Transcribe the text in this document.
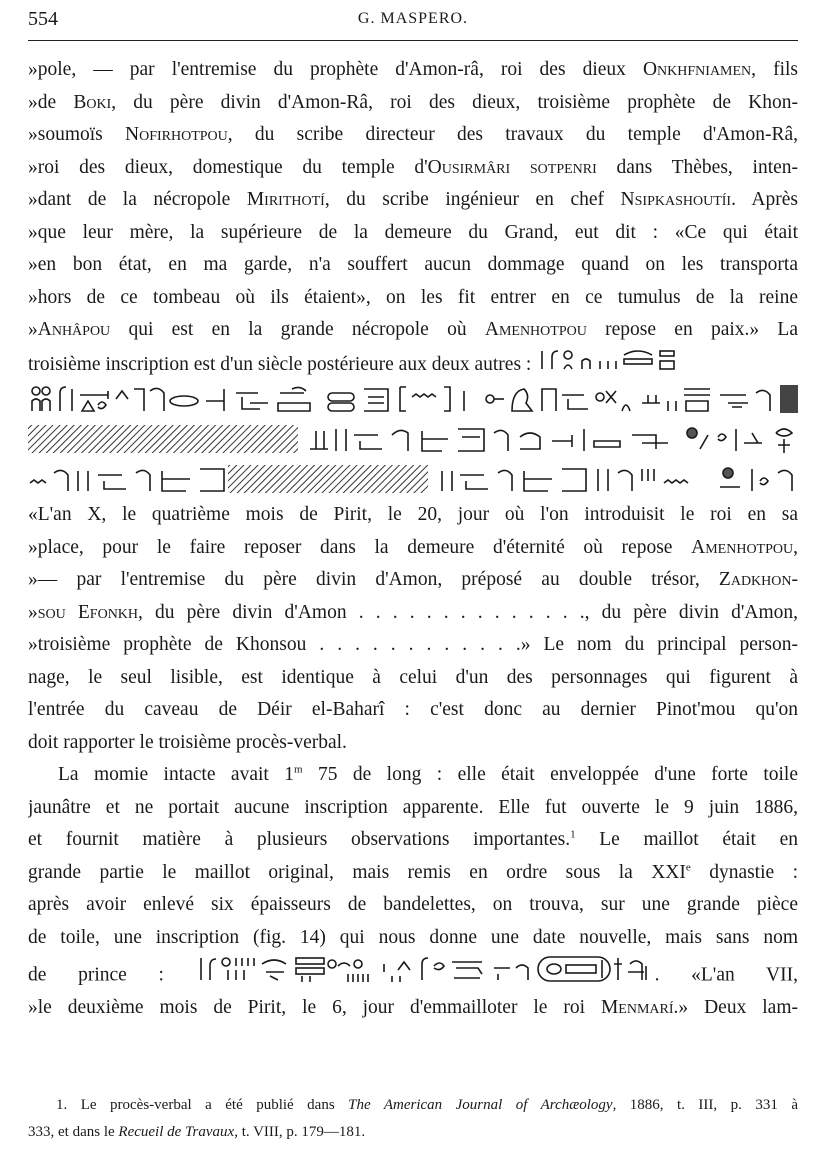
554	G. MASPERO.
»pole, — par l'entremise du prophète d'Amon-râ, roi des dieux Onkhfniamen, fils
»de Boki, du père divin d'Amon-Râ, roi des dieux, troisième prophète de Khon-
»soumoïs Nofirhotpou, du scribe directeur des travaux du temple d'Amon-Râ,
»roi des dieux, domestique du temple d'Ousirmâri sotpenri dans Thèbes, inten-
»dant de la nécropole Mirithotí, du scribe ingénieur en chef Nsipkashoutíi. Après
»que leur mère, la supérieure de la demeure du Grand, eut dit : «Ce qui était
»en bon état, en ma garde, n'a souffert aucun dommage quand on les transporta
»hors de ce tombeau où ils étaient», on les fit entrer en ce tumulus de la reine
»Anhâpou qui est en la grande nécropole où Amenhotpou repose en paix.» La
troisième inscription est d'un siècle postérieure aux deux autres :
«L'an X, le quatrième mois de Pirit, le 20, jour où l'on introduisit le roi en sa
»place, pour le faire reposer dans la demeure d'éternité où repose Amenhotpou,
»— par l'entremise du père divin d'Amon, préposé au double trésor, Zadkhon-
»sou Efonkh, du père divin d'Amon . . . . . . . . . . . . . ., du père divin d'Amon,
»troisième prophète de Khonsou . . . . . . . . . . . .» Le nom du principal person-
nage, le seul lisible, est identique à celui d'un des personnages qui figurent à
l'entrée du caveau de Déir el-Baharî : c'est donc au dernier Pinot'mou qu'on
doit rapporter le troisième procès-verbal.
La momie intacte avait 1$^m$ 75 de long : elle était enveloppée d'une forte toile
jaunâtre et ne portait aucune inscription apparente. Elle fut ouverte le 9 juin 1886,
et fournit matière à plusieurs observations importantes.$^1$ Le maillot était en
grande partie le maillot original, mais remis en ordre sous la XXIe dynastie :
après avoir enlevé six épaisseurs de bandelettes, on trouva, sur une grande pièce
de toile, une inscription (fig. 14) qui nous donne une date nouvelle, mais sans nom
de prince :	. «L'an VII,
»le deuxième mois de Pirit, le 6, jour d'emmailloter le roi Menmarí.» Deux lam-
1. Le procès-verbal a été publié dans The American Journal of Archæology, 1886, t. III, p. 331 à
333, et dans le Recueil de Travaux, t. VIII, p. 179—181.
